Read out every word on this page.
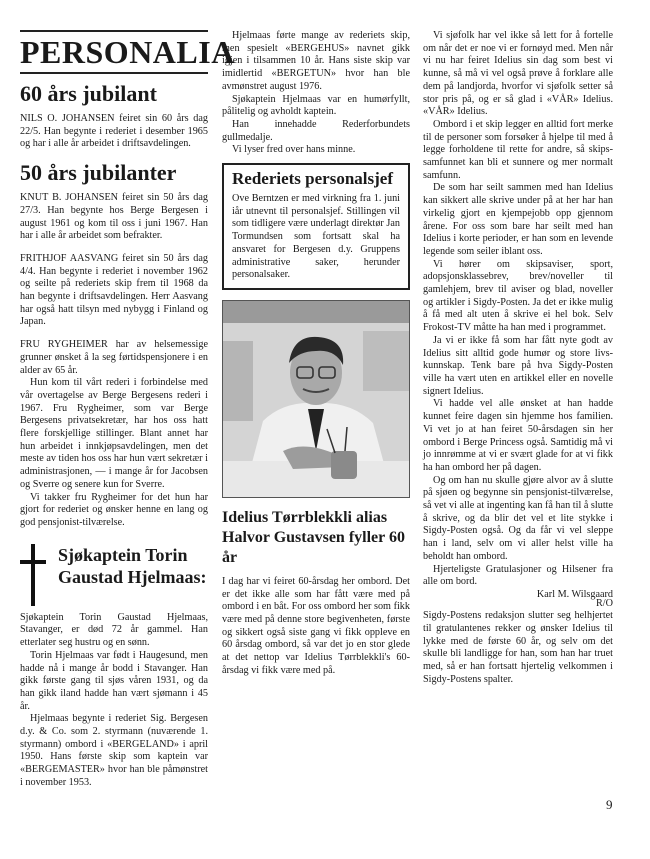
PERSONALIA
60 års jubilant

NILS O. JOHANSEN feiret sin 60 års dag 22/5. Han begynte i rederiet i desember 1965 og har i alle år arbeidet i driftsavdelingen.

50 års jubilanter

KNUT B. JOHANSEN feiret sin 50 års dag 27/3. Han begynte hos Berge Bergesen i august 1961 og kom til oss i juni 1967. Han har i alle år arbeidet som befrakter.

FRITHJOF AASVANG feiret sin 50 års dag 4/4. Han begynte i rederiet i november 1962 og seilte på rederiets skip frem til 1968 da han begynte i driftsavdelingen. Herr Aasvang har også hatt tilsyn med nybygg i Finland og Japan.

FRU RYGHEIMER har av helsemessige grunner ønsket å la seg førtidspensjonere i en alder av 65 år.

Hun kom til vårt rederi i forbindelse med vår overtagelse av Berge Bergesens rederi i 1967. Fru Rygheimer, som var Berge Bergesens privatsekretær, har hos oss hatt flere forskjellige stillinger. Blant annet har hun arbeidet i innkjøpsavdelingen, men det meste av tiden hos oss har hun vært sekretær i administrasjonen, — i mange år for Jacobsen og Sverre og senere kun for Sverre.

Vi takker fru Rygheimer for det hun har gjort for rederiet og ønsker henne en lang og god pensjonist-tilværelse.

Sjøkaptein Torin Gaustad Hjelmaas:

Sjøkaptein Torin Gaustad Hjelmaas, Stavanger, er død 72 år gammel. Han etterlater seg hustru og en sønn.

Torin Hjelmaas var født i Haugesund, men hadde nå i mange år bodd i Stavanger. Han gikk første gang til sjøs våren 1931, og da han gikk iland hadde han vært sjømann i 45 år.

Hjelmaas begynte i rederiet Sig. Bergesen d.y. & Co. som 2. styrmann (nuværende 1. styrmann) ombord i «BERGELAND» i april 1950. Hans første skip som kaptein var «BERGEMASTER» hvor han ble påmønstret i november 1953.

Hjelmaas førte mange av rederiets skip, men spesielt «BERGEHUS» navnet gikk igjen i tilsammen 10 år. Hans siste skip var imidlertid «BERGETUN» hvor han ble avmønstret august 1976.

Sjøkaptein Hjelmaas var en humørfyllt, pålitelig og avholdt kaptein.

Han innehadde Rederforbundets gullmedalje.

Vi lyser fred over hans minne.

Rederiets personalsjef

Ove Berntzen er med virkning fra 1. juni iår utnevnt til personalsjef. Stillingen vil som tidligere være underlagt direktør Jan Tormundsen som fortsatt skal ha ansvaret for Bergesen d.y. Gruppens administrative saker, herunder personalsaker.

Idelius Tørrblekkli alias Halvor Gustavsen fyller 60 år

I dag har vi feiret 60-årsdag her ombord. Det er det ikke alle som har fått være med på ombord i en båt. For oss ombord her som fikk være med på denne store begivenheten, første og sikkert også siste gang vi fikk oppleve en 60 årsdag ombord, så var det jo en stor glede at det nettop var Idelius Tørrblekkli's 60-årsdag vi fikk være med på.

Vi sjøfolk har vel ikke så lett for å fortelle om når det er noe vi er fornøyd med. Men når vi nu har feiret Idelius sin dag som best vi kunne, så må vi vel også prøve å forklare alle dem på landjorda, hvorfor vi sjøfolk setter så stor pris på, og er så glad i «VÅR» Idelius. «VÅR» Idelius.

Ombord i et skip legger en alltid fort merke til de personer som forsøker å hjelpe til med å legge forholdene til rette for andre, så skips-samfunnet kan bli et sunnere og mer normalt samfunn.

De som har seilt sammen med han Idelius kan sikkert alle skrive under på at her har han virkelig gjort en kjempejobb opp gjennom årene. For oss som bare har seilt med han Idelius i korte perioder, er han som en levende legende som seiler iblant oss.

Vi hører om skipsaviser, sport, adopsjonsklassebrev, brev/noveller til gamlehjem, brev til aviser og blad, noveller og artikler i Sigdy-Posten. Ja det er ikke mulig å få med alt uten å skrive ei hel bok. Selv Frokost-TV måtte ha han med i programmet.

Ja vi er ikke få som har fått nyte godt av Idelius sitt alltid gode humør og store livs-kunnskap. Tenk bare på hva Sigdy-Posten ville ha vært uten en artikkel eller en novelle signert Idelius.

Vi hadde vel alle ønsket at han hadde kunnet feire dagen sin hjemme hos familien. Vi vet jo at han feiret 50-årsdagen sin her ombord i Berge Princess også. Samtidig må vi jo innrømme at vi er svært glade for at vi fikk ha han ombord her på dagen.

Og om han nu skulle gjøre alvor av å slutte på sjøen og begynne sin pensjonist-tilværelse, så vet vi alle at ingenting kan få han til å slutte å skrive, og da blir det vel et lite stykke i Sigdy-Posten også. Og da får vi vel sleppe han i land, selv om vi aller helst ville ha beholdt han ombord.

Hjerteligste Gratulasjoner og Hilsener fra alle om bord.

Karl M. Wilsgaard

R/O

Sigdy-Postens redaksjon slutter seg helhjertet til gratulantenes rekker og ønsker Idelius til lykke med de første 60 år, og selv om det skulle bli landligge for han, som han har truet med, så er han fortsatt hjertelig velkommen i Sigdy-Postens spalter.

9
